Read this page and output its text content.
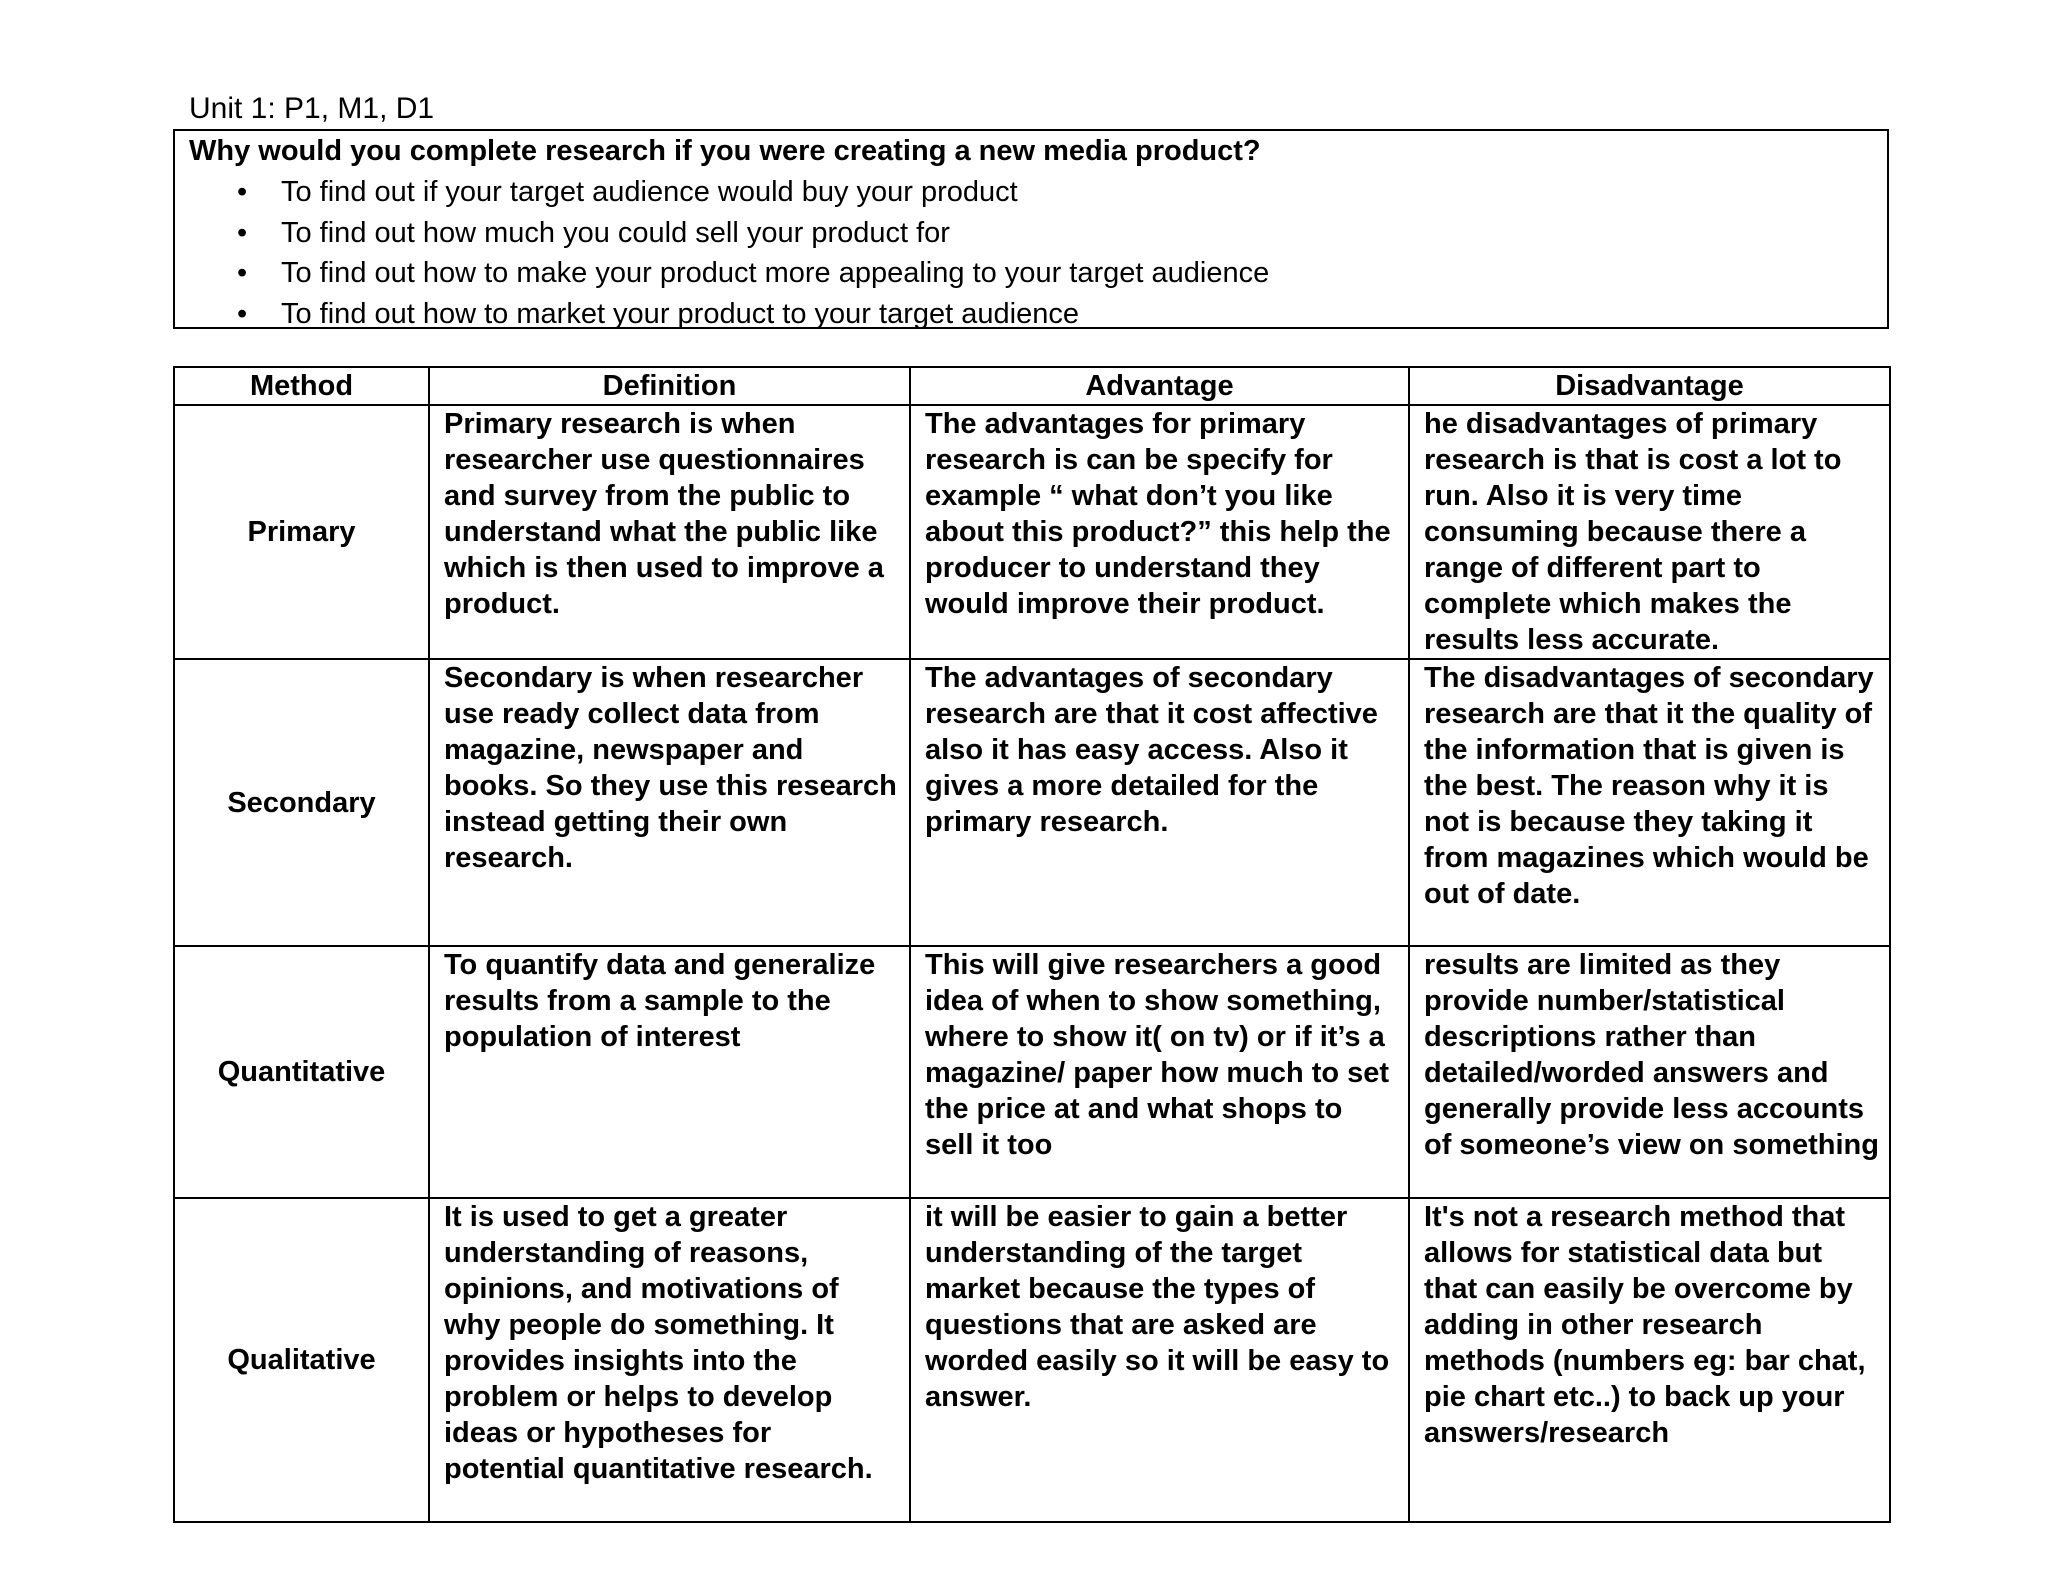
Unit 1: P1, M1, D1

Why would you complete research if you were creating a new media product?

• To find out if your target audience would buy your product
• To find out how much you could sell your product for
• To find out how to make your product more appealing to your target audience
• To find out how to market your product to your target audience
Method	Definition	Advantage	Disadvantage
Primary	Primary research is when researcher use questionnaires and survey from the public to understand what the public like which is then used to improve a product.	The advantages for primary research is can be specify for example “ what don’t you like about this product?” this help the producer to understand they would improve their product.	he disadvantages of primary research is that is cost a lot to run. Also it is very time consuming because there a range of different part to complete which makes the results less accurate.
Secondary	Secondary is when researcher use ready collect data from magazine, newspaper and books. So they use this research instead getting their own research.	The advantages of secondary research are that it cost affective also it has easy access. Also it gives a more detailed for the primary research.	The disadvantages of secondary research are that it the quality of the information that is given is the best. The reason why it is not is because they taking it from magazines which would be out of date.
Quantitative	To quantify data and generalize results from a sample to the population of interest	This will give researchers a good idea of when to show something, where to show it( on tv) or if it’s a magazine/ paper how much to set the price at and what shops to sell it too	results are limited as they provide number/statistical descriptions rather than detailed/worded answers and generally provide less accounts of someone’s view on something
Qualitative	It is used to get a greater understanding of reasons, opinions, and motivations of why people do something. It provides insights into the problem or helps to develop ideas or hypotheses for potential quantitative research.	it will be easier to gain a better understanding of the target market because the types of questions that are asked are worded easily so it will be easy to answer.	It's not a research method that allows for statistical data but that can easily be overcome by adding in other research methods (numbers eg: bar chat, pie chart etc..) to back up your answers/research
